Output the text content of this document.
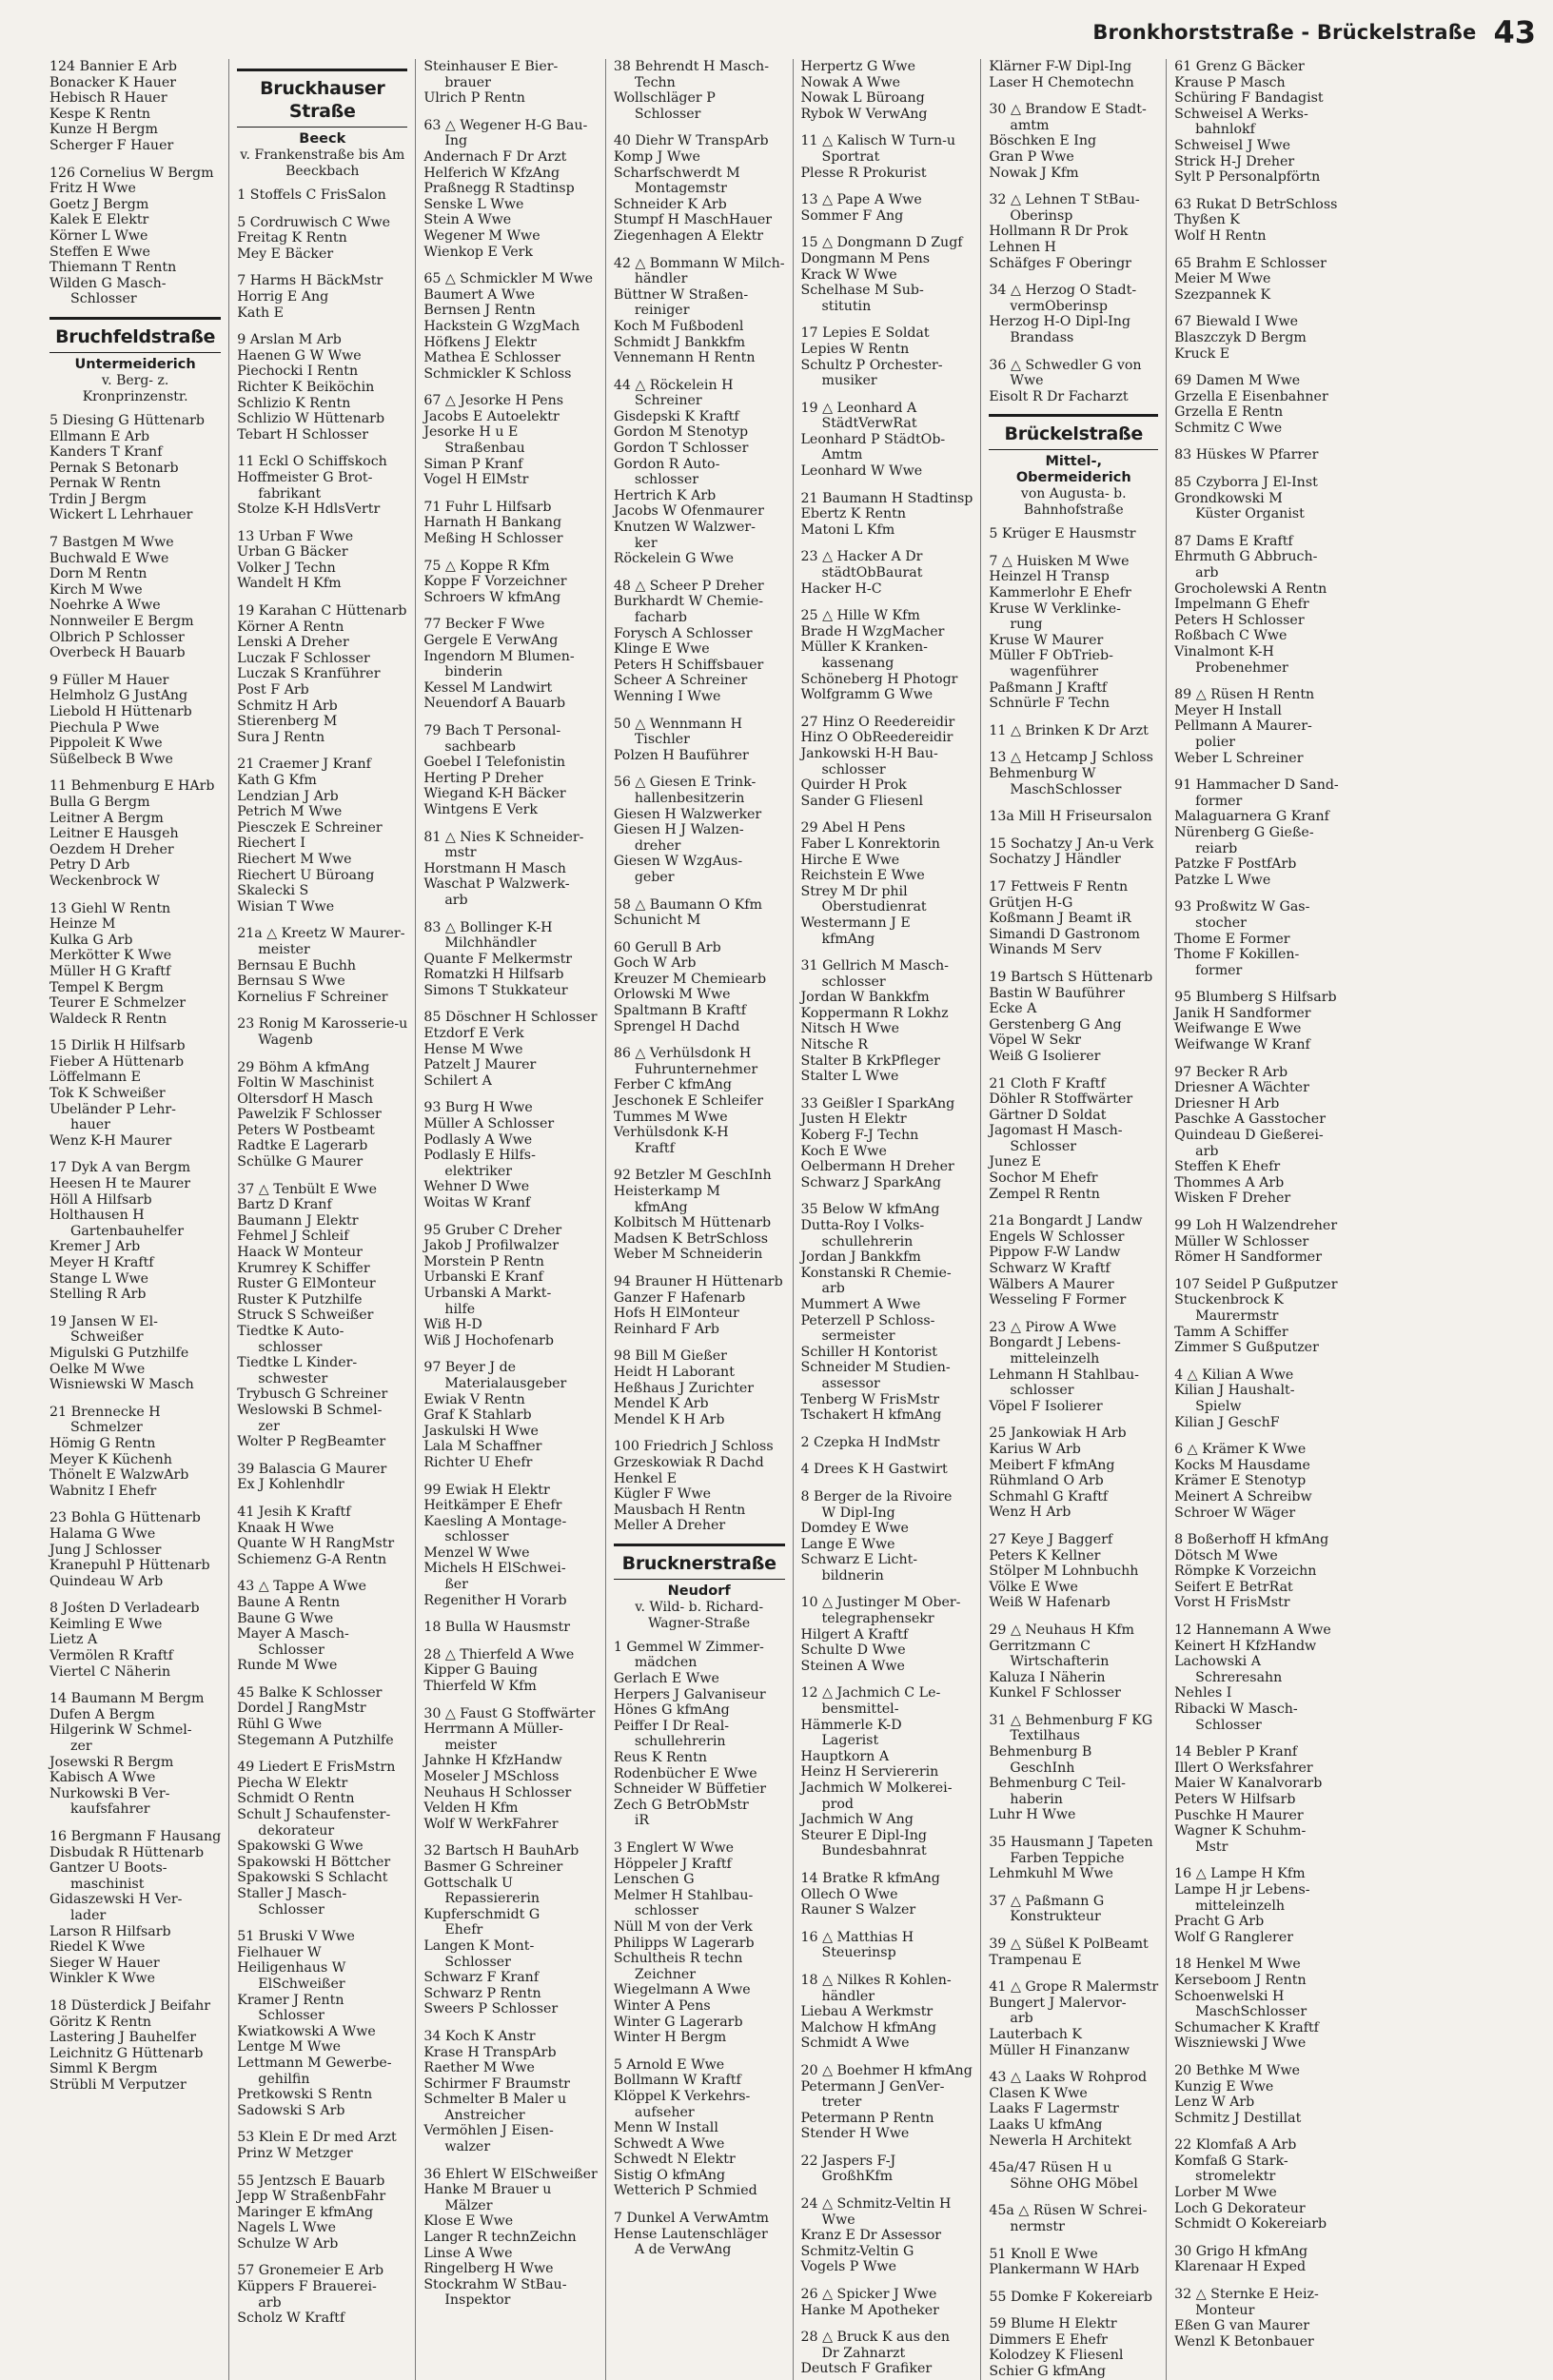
Bronkhorststraße - Brückelstraße 43
124 Bannier E Arb
Bonacker K Hauer
Hebisch R Hauer
Kespe K Rentn
Kunze H Bergm
Scherger F Hauer
126 Cornelius W Bergm
Fritz H Wwe
Goetz J Bergm
Kalek E Elektr
Körner L Wwe
Steffen E Wwe
Thiemann T Rentn
Wilden G Masch-
Schlosser
Bruchfeldstraße
Untermeiderich
v. Berg- z. Kronprinzenstr.
5 Diesing G Hüttenarb
Ellmann E Arb
Kanders T Kranf
Pernak S Betonarb
Pernak W Rentn
Trdin J Bergm
Wickert L Lehrhauer
7 Bastgen M Wwe
Buchwald E Wwe
Dorn M Rentn
Kirch M Wwe
Noehrke A Wwe
Nonnweiler E Bergm
Olbrich P Schlosser
Overbeck H Bauarb
9 Füller M Hauer
Helmholz G JustAng
Liebold H Hüttenarb
Piechula P Wwe
Pippoleit K Wwe
Süßelbeck B Wwe
11 Behmenburg E HArb
Bulla G Bergm
Leitner A Bergm
Leitner E Hausgeh
Oezdem H Dreher
Petry D Arb
Weckenbrock W
13 Giehl W Rentn
Heinze M
Kulka G Arb
Merkötter K Wwe
Müller H G Kraftf
Tempel K Bergm
Teurer E Schmelzer
Waldeck R Rentn
15 Dirlik H Hilfsarb
Fieber A Hüttenarb
Löffelmann E
Tok K Schweißer
Ubeländer P Lehr-
hauer
Wenz K-H Maurer
17 Dyk A van Bergm
Heesen H te Maurer
Höll A Hilfsarb
Holthausen H
Gartenbauhelfer
Kremer J Arb
Meyer H Kraftf
Stange L Wwe
Stelling R Arb
19 Jansen W El-
Schweißer
Migulski G Putzhilfe
Oelke M Wwe
Wisniewski W Masch
21 Brennecke H
Schmelzer
Hömig G Rentn
Meyer K Küchenh
Thönelt E WalzwArb
Wabnitz I Ehefr
23 Bohla G Hüttenarb
Halama G Wwe
Jung J Schlosser
Kranepuhl P Hüttenarb
Quindeau W Arb
8 Jośten D Verladearb
Keimling E Wwe
Lietz A
Vermölen R Kraftf
Viertel C Näherin
14 Baumann M Bergm
Dufen A Bergm
Hilgerink W Schmel-
zer
Josewski R Bergm
Kabisch A Wwe
Nurkowski B Ver-
kaufsfahrer
16 Bergmann F Hausang
Disbudak R Hüttenarb
Gantzer U Boots-
maschinist
Gidaszewski H Ver-
lader
Larson R Hilfsarb
Riedel K Wwe
Sieger W Hauer
Winkler K Wwe
18 Düsterdick J Beifahr
Göritz K Rentn
Lastering J Bauhelfer
Leichnitz G Hüttenarb
Simml K Bergm
Strübli M Verputzer
Bruckhauser Straße
Beeck
v. Frankenstraße bis Am Beeckbach
1 Stoffels C FrisSalon
5 Cordruwisch C Wwe
Freitag K Rentn
Mey E Bäcker
7 Harms H BäckMstr
Horrig E Ang
Kath E
9 Arslan M Arb
Haenen G W Wwe
Piechocki I Rentn
Richter K Beiköchin
Schlizio K Rentn
Schlizio W Hüttenarb
Tebart H Schlosser
11 Eckl O Schiffskoch
Hoffmeister G Brot-
fabrikant
Stolze K-H HdlsVertr
13 Urban F Wwe
Urban G Bäcker
Volker J Techn
Wandelt H Kfm
19 Karahan C Hüttenarb
Körner A Rentn
Lenski A Dreher
Luczak F Schlosser
Luczak S Kranführer
Post F Arb
Schmitz H Arb
Stierenberg M
Sura J Rentn
21 Craemer J Kranf
Kath G Kfm
Lendzian J Arb
Petrich M Wwe
Piesczek E Schreiner
Riechert I
Riechert M Wwe
Riechert U Büroang
Skalecki S
Wisian T Wwe
21a △ Kreetz W Maurer-
meister
Bernsau E Buchh
Bernsau S Wwe
Kornelius F Schreiner
23 Ronig M Karosserie-u
Wagenb
29 Böhm A kfmAng
Foltin W Maschinist
Oltersdorf H Masch
Pawelzik F Schlosser
Peters W Postbeamt
Radtke E Lagerarb
Schülke G Maurer
37 △ Tenbült E Wwe
Bartz D Kranf
Baumann J Elektr
Fehmel J Schleif
Haack W Monteur
Krumrey K Schiffer
Ruster G ElMonteur
Ruster K Putzhilfe
Struck S Schweißer
Tiedtke K Auto-
schlosser
Tiedtke L Kinder-
schwester
Trybusch G Schreiner
Weslowski B Schmel-
zer
Wolter P RegBeamter
39 Balascia G Maurer
Ex J Kohlenhdlr
41 Jesih K Kraftf
Knaak H Wwe
Quante W H RangMstr
Schiemenz G-A Rentn
43 △ Tappe A Wwe
Baune A Rentn
Baune G Wwe
Mayer A Masch-
Schlosser
Runde M Wwe
45 Balke K Schlosser
Dordel J RangMstr
Rühl G Wwe
Stegemann A Putzhilfe
49 Liedert E FrisMstrn
Piecha W Elektr
Schmidt O Rentn
Schult J Schaufenster-
dekorateur
Spakowski G Wwe
Spakowski H Böttcher
Spakowski S Schlacht
Staller J Masch-
Schlosser
51 Bruski V Wwe
Fielhauer W
Heiligenhaus W
ElSchweißer
Kramer J Rentn
Schlosser
Kwiatkowski A Wwe
Lentge M Wwe
Lettmann M Gewerbe-
gehilfin
Pretkowski S Rentn
Sadowski S Arb
53 Klein E Dr med Arzt
Prinz W Metzger
55 Jentzsch E Bauarb
Jepp W StraßenbFahr
Maringer E kfmAng
Nagels L Wwe
Schulze W Arb
57 Gronemeier E Arb
Küppers F Brauerei-
arb
Scholz W Kraftf
Steinhauser E Bier-
brauer
Ulrich P Rentn
63 △ Wegener H-G Bau-
Ing
Andernach F Dr Arzt
Helferich W KfzAng
Praßnegg R Stadtinsp
Senske L Wwe
Stein A Wwe
Wegener M Wwe
Wienkop E Verk
65 △ Schmickler M Wwe
Baumert A Wwe
Bernsen J Rentn
Hackstein G WzgMach
Höfkens J Elektr
Mathea E Schlosser
Schmickler K Schloss
67 △ Jesorke H Pens
Jacobs E Autoelektr
Jesorke H u E
Straßenbau
Siman P Kranf
Vogel H ElMstr
71 Fuhr L Hilfsarb
Harnath H Bankang
Meßing H Schlosser
75 △ Koppe R Kfm
Koppe F Vorzeichner
Schroers W kfmAng
77 Becker F Wwe
Gergele E VerwAng
Ingendorn M Blumen-
binderin
Kessel M Landwirt
Neuendorf A Bauarb
79 Bach T Personal-
sachbearb
Goebel I Telefonistin
Herting P Dreher
Wiegand K-H Bäcker
Wintgens E Verk
81 △ Nies K Schneider-
mstr
Horstmann H Masch
Waschat P Walzwerk-
arb
83 △ Bollinger K-H
Milchhändler
Quante F Melkermstr
Romatzki H Hilfsarb
Simons T Stukkateur
85 Döschner H Schlosser
Etzdorf E Verk
Hense M Wwe
Patzelt J Maurer
Schilert A
93 Burg H Wwe
Müller A Schlosser
Podlasly A Wwe
Podlasly E Hilfs-
elektriker
Wehner D Wwe
Woitas W Kranf
95 Gruber C Dreher
Jakob J Profilwalzer
Morstein P Rentn
Urbanski E Kranf
Urbanski A Markt-
hilfe
Wiß H-D
Wiß J Hochofenarb
97 Beyer J de
Materialausgeber
Ewiak V Rentn
Graf K Stahlarb
Jaskulski H Wwe
Lala M Schaffner
Richter U Ehefr
99 Ewiak H Elektr
Heitkämper E Ehefr
Kaesling A Montage-
schlosser
Menzel W Wwe
Michels H ElSchwei-
ßer
Regenither H Vorarb
18 Bulla W Hausmstr
28 △ Thierfeld A Wwe
Kipper G Bauing
Thierfeld W Kfm
30 △ Faust G Stoffwärter
Herrmann A Müller-
meister
Jahnke H KfzHandw
Moseler J MSchloss
Neuhaus H Schlosser
Velden H Kfm
Wolf W WerkFahrer
32 Bartsch H BauhArb
Basmer G Schreiner
Gottschalk U
Repassiererin
Kupferschmidt G
Ehefr
Langen K Mont-
Schlosser
Schwarz F Kranf
Schwarz P Rentn
Sweers P Schlosser
34 Koch K Anstr
Krase H TranspArb
Raether M Wwe
Schirmer F Braumstr
Schmelter B Maler u
Anstreicher
Vermöhlen J Eisen-
walzer
36 Ehlert W ElSchweißer
Hanke M Brauer u
Mälzer
Klose E Wwe
Langer R technZeichn
Linse A Wwe
Ringelberg H Wwe
Stockrahm W StBau-
Inspektor
38 Behrendt H Masch-
Techn
Wollschläger P
Schlosser
40 Diehr W TranspArb
Komp J Wwe
Scharfschwerdt M
Montagemstr
Schneider K Arb
Stumpf H MaschHauer
Ziegenhagen A Elektr
42 △ Bommann W Milch-
händler
Büttner W Straßen-
reiniger
Koch M Fußbodenl
Schmidt J Bankkfm
Vennemann H Rentn
44 △ Röckelein H
Schreiner
Gisdepski K Kraftf
Gordon M Stenotyp
Gordon T Schlosser
Gordon R Auto-
schlosser
Hertrich K Arb
Jacobs W Ofenmaurer
Knutzen W Walzwer-
ker
Röckelein G Wwe
48 △ Scheer P Dreher
Burkhardt W Chemie-
facharb
Forysch A Schlosser
Klinge E Wwe
Peters H Schiffsbauer
Scheer A Schreiner
Wenning I Wwe
50 △ Wennmann H
Tischler
Polzen H Bauführer
56 △ Giesen E Trink-
hallenbesitzerin
Giesen H Walzwerker
Giesen H J Walzen-
dreher
Giesen W WzgAus-
geber
58 △ Baumann O Kfm
Schunicht M
60 Gerull B Arb
Goch W Arb
Kreuzer M Chemiearb
Orlowski M Wwe
Spaltmann B Kraftf
Sprengel H Dachd
86 △ Verhülsdonk H
Fuhrunternehmer
Ferber C kfmAng
Jeschonek E Schleifer
Tummes M Wwe
Verhülsdonk K-H
Kraftf
92 Betzler M GeschInh
Heisterkamp M
kfmAng
Kolbitsch M Hüttenarb
Madsen K BetrSchloss
Weber M Schneiderin
94 Brauner H Hüttenarb
Ganzer F Hafenarb
Hofs H ElMonteur
Reinhard F Arb
98 Bill M Gießer
Heidt H Laborant
Heßhaus J Zurichter
Mendel K Arb
Mendel K H Arb
100 Friedrich J Schloss
Grzeskowiak R Dachd
Henkel E
Kügler F Wwe
Mausbach H Rentn
Meller A Dreher
Brucknerstraße
Neudorf
v. Wild- b. Richard-Wagner-Straße
1 Gemmel W Zimmer-
mädchen
Gerlach E Wwe
Herpers J Galvaniseur
Hönes G kfmAng
Peiffer I Dr Real-
schullehrerin
Reus K Rentn
Rodenbücher E Wwe
Schneider W Büffetier
Zech G BetrObMstr
iR
3 Englert W Wwe
Höppeler J Kraftf
Lenschen G
Melmer H Stahlbau-
schlosser
Nüll M von der Verk
Philipps W Lagerarb
Schultheis R techn
Zeichner
Wiegelmann A Wwe
Winter A Pens
Winter G Lagerarb
Winter H Bergm
5 Arnold E Wwe
Bollmann W Kraftf
Klöppel K Verkehrs-
aufseher
Menn W Install
Schwedt A Wwe
Schwedt N Elektr
Sistig O kfmAng
Wetterich P Schmied
7 Dunkel A VerwAmtm
Hense Lautenschläger
A de VerwAng
Herpertz G Wwe
Nowak A Wwe
Nowak L Büroang
Rybok W VerwAng
11 △ Kalisch W Turn-u
Sportrat
Plesse R Prokurist
13 △ Pape A Wwe
Sommer F Ang
15 △ Dongmann D Zugf
Dongmann M Pens
Krack W Wwe
Schelhase M Sub-
stitutin
17 Lepies E Soldat
Lepies W Rentn
Schultz P Orchester-
musiker
19 △ Leonhard A
StädtVerwRat
Leonhard P StädtOb-
Amtm
Leonhard W Wwe
21 Baumann H Stadtinsp
Ebertz K Rentn
Matoni L Kfm
23 △ Hacker A Dr
städtObBaurat
Hacker H-C
25 △ Hille W Kfm
Brade H WzgMacher
Müller K Kranken-
kassenang
Schöneberg H Photogr
Wolfgramm G Wwe
27 Hinz O Reedereidir
Hinz O ObReedereidir
Jankowski H-H Bau-
schlosser
Quirder H Prok
Sander G Fliesenl
29 Abel H Pens
Faber L Konrektorin
Hirche E Wwe
Reichstein E Wwe
Strey M Dr phil
Oberstudienrat
Westermann J E
kfmAng
31 Gellrich M Masch-
schlosser
Jordan W Bankkfm
Koppermann R Lokhz
Nitsch H Wwe
Nitsche R
Stalter B KrkPfleger
Stalter L Wwe
33 Geißler I SparkAng
Justen H Elektr
Koberg F-J Techn
Koch E Wwe
Oelbermann H Dreher
Schwarz J SparkAng
35 Below W kfmAng
Dutta-Roy I Volks-
schullehrerin
Jordan J Bankkfm
Konstanski R Chemie-
arb
Mummert A Wwe
Peterzell P Schloss-
sermeister
Schiller H Kontorist
Schneider M Studien-
assessor
Tenberg W FrisMstr
Tschakert H kfmAng
2 Czepka H IndMstr
4 Drees K H Gastwirt
8 Berger de la Rivoire
W Dipl-Ing
Domdey E Wwe
Lange E Wwe
Schwarz E Licht-
bildnerin
10 △ Justinger M Ober-
telegraphensekr
Hilgert A Kraftf
Schulte D Wwe
Steinen A Wwe
12 △ Jachmich C Le-
bensmittel-
Hämmerle K-D
Lagerist
Hauptkorn A
Heinz H Serviererin
Jachmich W Molkerei-
prod
Jachmich W Ang
Steurer E Dipl-Ing
Bundesbahnrat
14 Bratke R kfmAng
Ollech O Wwe
Rauner S Walzer
16 △ Matthias H
Steuerinsp
18 △ Nilkes R Kohlen-
händler
Liebau A Werkmstr
Malchow H kfmAng
Schmidt A Wwe
20 △ Boehmer H kfmAng
Petermann J GenVer-
treter
Petermann P Rentn
Stender H Wwe
22 Jaspers F-J
GroßhKfm
24 △ Schmitz-Veltin H
Wwe
Kranz E Dr Assessor
Schmitz-Veltin G
Vogels P Wwe
26 △ Spicker J Wwe
Hanke M Apotheker
28 △ Bruck K aus den
Dr Zahnarzt
Deutsch F Grafiker
Klärner F-W Dipl-Ing
Laser H Chemotechn
30 △ Brandow E Stadt-
amtm
Böschken E Ing
Gran P Wwe
Nowak J Kfm
32 △ Lehnen T StBau-
Oberinsp
Hollmann R Dr Prok
Lehnen H
Schäfges F Oberingr
34 △ Herzog O Stadt-
vermOberinsp
Herzog H-O Dipl-Ing
Brandass
36 △ Schwedler G von
Wwe
Eisolt R Dr Facharzt
Brückelstraße
Mittel-, Obermeiderich
von Augusta- b. Bahnhofstraße
5 Krüger E Hausmstr
7 △ Huisken M Wwe
Heinzel H Transp
Kammerlohr E Ehefr
Kruse W Verklinke-
rung
Kruse W Maurer
Müller F ObTrieb-
wagenführer
Paßmann J Kraftf
Schnürle F Techn
11 △ Brinken K Dr Arzt
13 △ Hetcamp J Schloss
Behmenburg W
MaschSchlosser
13a Mill H Friseursalon
15 Sochatzy J An-u Verk
Sochatzy J Händler
17 Fettweis F Rentn
Grütjen H-G
Koßmann J Beamt iR
Simandi D Gastronom
Winands M Serv
19 Bartsch S Hüttenarb
Bastin W Bauführer
Ecke A
Gerstenberg G Ang
Vöpel W Sekr
Weiß G Isolierer
21 Cloth F Kraftf
Döhler R Stoffwärter
Gärtner D Soldat
Jagomast H Masch-
Schlosser
Junez E
Sochor M Ehefr
Zempel R Rentn
21a Bongardt J Landw
Engels W Schlosser
Pippow F-W Landw
Schwarz W Kraftf
Wälbers A Maurer
Wesseling F Former
23 △ Pirow A Wwe
Bongardt J Lebens-
mitteleinzelh
Lehmann H Stahlbau-
schlosser
Vöpel F Isolierer
25 Jankowiak H Arb
Karius W Arb
Meibert F kfmAng
Rühmland O Arb
Schmahl G Kraftf
Wenz H Arb
27 Keye J Baggerf
Peters K Kellner
Stölper M Lohnbuchh
Völke E Wwe
Weiß W Hafenarb
29 △ Neuhaus H Kfm
Gerritzmann C
Wirtschafterin
Kaluza I Näherin
Kunkel F Schlosser
31 △ Behmenburg F KG
Textilhaus
Behmenburg B
GeschInh
Behmenburg C Teil-
haberin
Luhr H Wwe
35 Hausmann J Tapeten
Farben Teppiche
Lehmkuhl M Wwe
37 △ Paßmann G
Konstrukteur
39 △ Süßel K PolBeamt
Trampenau E
41 △ Grope R Malermstr
Bungert J Malervor-
arb
Lauterbach K
Müller H Finanzanw
43 △ Laaks W Rohprod
Clasen K Wwe
Laaks F Lagermstr
Laaks U kfmAng
Newerla H Architekt
45a/47 Rüsen H u
Söhne OHG Möbel
45a △ Rüsen W Schrei-
nermstr
51 Knoll E Wwe
Plankermann W HArb
55 Domke F Kokereiarb
59 Blume H Elektr
Dimmers E Ehefr
Kolodzey K Fliesenl
Schier G kfmAng
61 Grenz G Bäcker
Krause P Masch
Schüring F Bandagist
Schweisel A Werks-
bahnlokf
Schweisel J Wwe
Strick H-J Dreher
Sylt P Personalpförtn
63 Rukat D BetrSchloss
Thyßen K
Wolf H Rentn
65 Brahm E Schlosser
Meier M Wwe
Szezpannek K
67 Biewald I Wwe
Blaszczyk D Bergm
Kruck E
69 Damen M Wwe
Grzella E Eisenbahner
Grzella E Rentn
Schmitz C Wwe
83 Hüskes W Pfarrer
85 Czyborra J El-Inst
Grondkowski M
Küster Organist
87 Dams E Kraftf
Ehrmuth G Abbruch-
arb
Grocholewski A Rentn
Impelmann G Ehefr
Peters H Schlosser
Roßbach C Wwe
Vinalmont K-H
Probenehmer
89 △ Rüsen H Rentn
Meyer H Install
Pellmann A Maurer-
polier
Weber L Schreiner
91 Hammacher D Sand-
former
Malaguarnera G Kranf
Nürenberg G Gieße-
reiarb
Patzke F PostfArb
Patzke L Wwe
93 Proßwitz W Gas-
stocher
Thome E Former
Thome F Kokillen-
former
95 Blumberg S Hilfsarb
Janik H Sandformer
Weifwange E Wwe
Weifwange W Kranf
97 Becker R Arb
Driesner A Wächter
Driesner H Arb
Paschke A Gasstocher
Quindeau D Gießerei-
arb
Steffen K Ehefr
Thommes A Arb
Wisken F Dreher
99 Loh H Walzendreher
Müller W Schlosser
Römer H Sandformer
107 Seidel P Gußputzer
Stuckenbrock K
Maurermstr
Tamm A Schiffer
Zimmer S Gußputzer
4 △ Kilian A Wwe
Kilian J Haushalt-
Spielw
Kilian J GeschF
6 △ Krämer K Wwe
Kocks M Hausdame
Krämer E Stenotyp
Meinert A Schreibw
Schroer W Wäger
8 Boßerhoff H kfmAng
Dötsch M Wwe
Römpke K Vorzeichn
Seifert E BetrRat
Vorst H FrisMstr
12 Hannemann A Wwe
Keinert H KfzHandw
Lachowski A
Schreresahn
Nehles I
Ribacki W Masch-
Schlosser
14 Bebler P Kranf
Illert O Werksfahrer
Maier W Kanalvorarb
Peters W Hilfsarb
Puschke H Maurer
Wagner K Schuhm-
Mstr
16 △ Lampe H Kfm
Lampe H jr Lebens-
mitteleinzelh
Pracht G Arb
Wolf G Ranglerer
18 Henkel M Wwe
Kerseboom J Rentn
Schoenwelski H
MaschSchlosser
Schumacher K Kraftf
Wiszniewski J Wwe
20 Bethke M Wwe
Kunzig E Wwe
Lenz W Arb
Schmitz J Destillat
22 Klomfaß A Arb
Komfaß G Stark-
stromelektr
Lorber M Wwe
Loch G Dekorateur
Schmidt O Kokereiarb
30 Grigo H kfmAng
Klarenaar H Exped
32 △ Sternke E Heiz-
Monteur
Eßen G van Maurer
Wenzl K Betonbauer
